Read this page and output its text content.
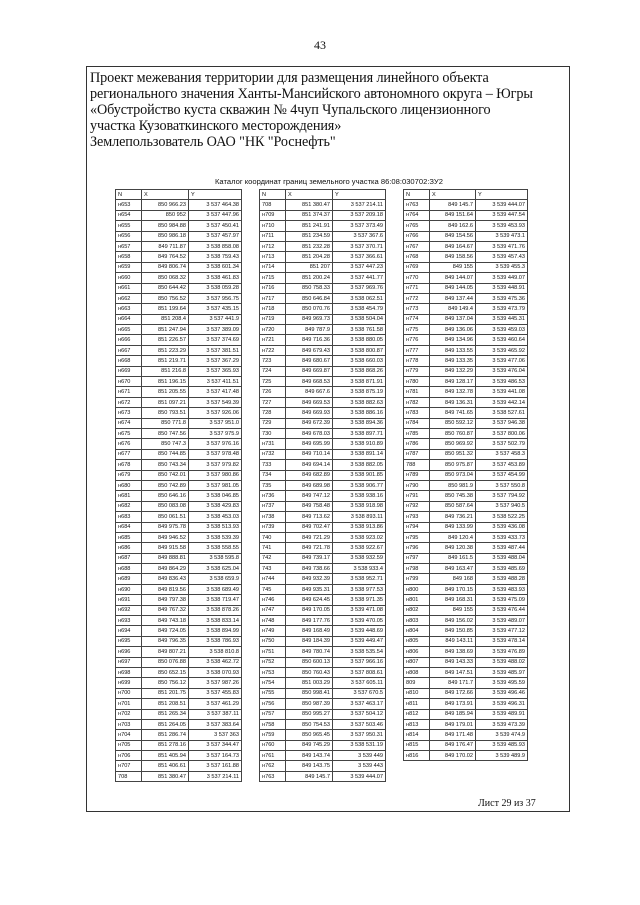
43
Проект межевания территории для размещения линейного объекта
регионального значения Ханты-Мансийского автономного округа – Югры
«Обустройство куста скважин № 4чуп Чупальского лицензионного
участка Кузоваткинского месторождения»
Землепользователь ОАО "НК "Роснефть"
Каталог координат границ земельного участка 86:08:030702:ЗУ2
N	X	Y
н653	850 966.23	3 537 464.38
н654	850 952	3 537 447.96
н655	850 984.88	3 537 450.41
н656	850 986.18	3 537 457.97
н657	849 711.87	3 538 858.08
н658	849 764.52	3 538 759.43
н659	849 806.74	3 538 601.34
н660	850 068.32	3 538 461.83
н661	850 644.42	3 538 059.28
н662	850 756.52	3 537 956.75
н663	851 199.64	3 537 435.15
н664	851 208.4	3 537 441.9
н665	851 247.94	3 537 389.09
н666	851 226.57	3 537 374.69
н667	851 223.29	3 537 381.51
н668	851 219.71	3 537 367.29
н669	851 216.8	3 537 365.93
н670	851 196.15	3 537 411.51
н671	851 205.55	3 537 417.48
н672	851 097.21	3 537 549.39
н673	850 793.51	3 537 926.06
н674	850 771.8	3 537 951.0
н675	850 747.56	3 537 975.9
н676	850 747.3	3 537 976.16
н677	850 744.85	3 537 978.48
н678	850 743.34	3 537 979.82
н679	850 742.01	3 537 980.86
н680	850 742.89	3 537 981.05
н681	850 646.16	3 538 046.85
н682	850 083.08	3 538 429.83
н683	850 061.51	3 538 453.03
н684	849 975.78	3 538 513.93
н685	849 946.52	3 538 539.39
н686	849 915.58	3 538 558.55
н687	849 888.81	3 538 595.8
н688	849 864.29	3 538 625.04
н689	849 836.43	3 538 659.9
н690	849 819.56	3 538 689.49
н691	849 797.38	3 538 719.47
н692	849 767.32	3 538 878.26
н693	849 743.18	3 538 833.14
н694	849 724.05	3 538 894.99
н695	849 796.35	3 538 786.93
н696	849 807.21	3 538 810.8
н697	850 076.88	3 538 462.72
н698	850 652.15	3 538 070.93
н699	850 756.12	3 537 987.26
н700	851 201.75	3 537 455.83
н701	851 208.51	3 537 461.29
н702	851 265.34	3 537 387.11
н703	851 264.05	3 537 383.64
н704	851 286.74	3 537 363
н705	851 278.16	3 537 344.47
н706	851 405.94	3 537 164.73
н707	851 406.61	3 537 161.88
708	851 380.47	3 537 214.11
N	X	Y
708	851 380.47	3 537 214.11
н709	851 374.37	3 537 209.18
н710	851 241.91	3 537 373.49
н711	851 234.59	3 537 367.6
н712	851 232.28	3 537 370.71
н713	851 204.28	3 537 366.61
н714	851 207	3 537 447.23
н715	851 200.24	3 537 441.77
н716	850 758.33	3 537 969.76
н717	850 646.84	3 538 062.51
н718	850 070.76	3 538 454.79
н719	849 969.73	3 538 504.04
н720	849 787.9	3 538 761.58
н721	849 716.36	3 538 880.05
н722	849 679.43	3 538 800.87
723	849 680.67	3 538 660.03
724	849 669.87	3 538 868.26
725	849 668.53	3 538 871.91
726	849 667.6	3 538 875.19
727	849 669.53	3 538 882.63
728	849 669.93	3 538 886.16
729	849 672.39	3 538 894.36
730	849 678.03	3 538 897.71
н731	849 695.99	3 538 910.89
н732	849 710.14	3 538 891.14
733	849 694.14	3 538 882.05
734	849 682.89	3 538 901.85
735	849 689.98	3 538 906.77
н736	849 747.12	3 538 938.16
н737	849 758.48	3 538 918.98
н738	849 713.62	3 538 893.11
н739	849 702.47	3 538 913.86
740	849 721.29	3 538 923.02
741	849 721.78	3 538 922.67
742	849 739.17	3 538 932.59
743	849 738.66	3 538 933.4
н744	849 932.39	3 538 952.71
745	849 935.31	3 538 977.53
н746	849 624.45	3 538 971.35
н747	849 170.05	3 539 471.08
н748	849 177.76	3 539 470.05
н749	849 168.49	3 539 448.69
н750	849 184.39	3 539 449.47
н751	849 780.74	3 538 535.54
н752	850 600.13	3 537 966.16
н753	850 760.43	3 537 808.61
н754	851 003.29	3 537 605.11
н755	850 998.41	3 537 670.5
н756	850 987.39	3 537 463.17
н757	850 995.27	3 537 504.12
н758	850 754.53	3 537 503.46
н759	850 965.45	3 537 950.31
н760	849 745.29	3 538 531.19
н761	849 143.74	3 539 449
н762	849 143.75	3 539 443
н763	849 145.7	3 539 444.07
N	X	Y
н763	849 145.7	3 539 444.07
н764	849 151.64	3 539 447.54
н765	849 162.6	3 539 453.93
н766	849 154.56	3 539 473.1
н767	849 164.67	3 539 471.76
н768	849 158.56	3 539 457.43
н769	849 155	3 539 455.3
н770	849 144.07	3 539 449.07
н771	849 144.05	3 539 448.91
н772	849 137.44	3 539 475.36
н773	849 149.4	3 539 473.79
н774	849 137.04	3 539 445.31
н775	849 136.06	3 539 459.03
н776	849 134.96	3 539 460.64
н777	849 133.55	3 539 465.92
н778	849 133.35	3 539 477.06
н779	849 132.29	3 539 476.04
н780	849 128.17	3 539 486.53
н781	849 132.78	3 539 441.08
н782	849 136.31	3 539 442.14
н783	849 741.65	3 538 527.61
н784	850 592.12	3 537 946.38
н785	850 760.87	3 537 800.06
н786	850 969.92	3 537 502.79
н787	850 951.32	3 537 458.3
788	850 975.87	3 537 453.89
н789	850 973.04	3 537 454.99
н790	850 981.9	3 537 550.8
н791	850 745.38	3 537 794.92
н792	850 587.64	3 537 940.5
н793	849 736.21	3 538 522.25
н794	849 133.99	3 539 436.08
н795	849 120.4	3 539 433.73
н796	849 120.38	3 539 487.44
н797	849 161.5	3 539 488.04
н798	849 163.47	3 539 485.69
н799	849 168	3 539 488.28
н800	849 170.15	3 539 483.93
н801	849 168.31	3 539 475.09
н802	849 155	3 539 476.44
н803	849 156.02	3 539 489.07
н804	849 150.85	3 539 477.12
н805	849 143.11	3 539 478.14
н806	849 138.69	3 539 476.89
н807	849 143.33	3 539 488.02
н808	849 147.51	3 539 485.97
809	849 171.7	3 539 495.59
н810	849 172.66	3 539 496.46
н811	849 173.91	3 539 496.31
н812	849 185.94	3 539 489.91
н813	849 179.01	3 539 473.39
н814	849 171.48	3 539 474.9
н815	849 176.47	3 539 485.93
н816	849 170.02	3 539 489.9
Лист 29 из 37
